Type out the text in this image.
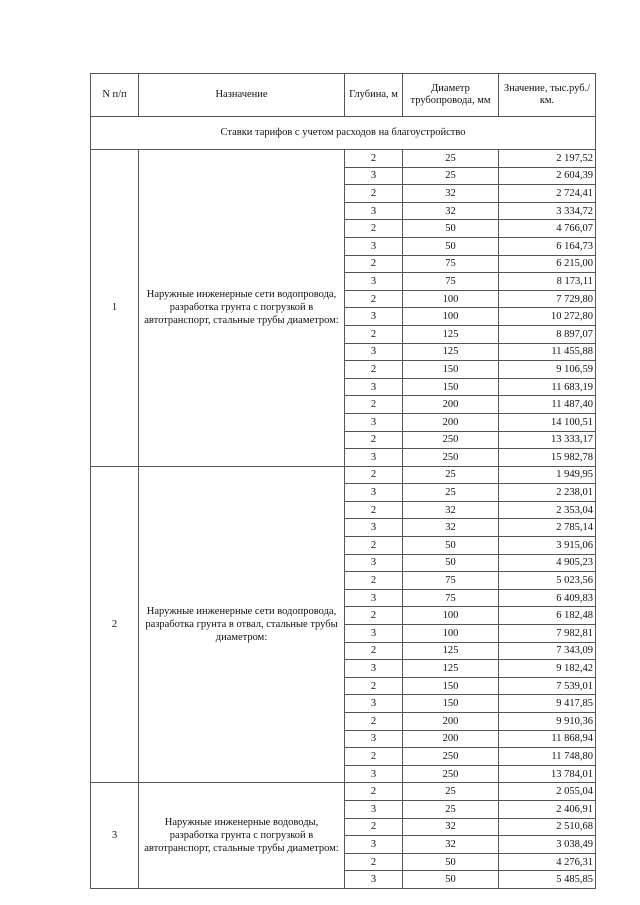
N п/п	Назначение	Глубина, м	Диаметр трубопровода, мм	Значение, тыс.руб./км.
Ставки тарифов с учетом расходов на благоустройство				
1	Наружные инженерные сети водопровода, разработка грунта с погрузкой в автотранспорт, стальные трубы диаметром:	2	25	2 197,52
		3	25	2 604,39
		2	32	2 724,41
		3	32	3 334,72
		2	50	4 766,07
		3	50	6 164,73
		2	75	6 215,00
		3	75	8 173,11
		2	100	7 729,80
		3	100	10 272,80
		2	125	8 897,07
		3	125	11 455,88
		2	150	9 106,59
		3	150	11 683,19
		2	200	11 487,40
		3	200	14 100,51
		2	250	13 333,17
		3	250	15 982,78
2	Наружные инженерные сети водопровода, разработка грунта в отвал, стальные трубы диаметром:	2	25	1 949,95
		3	25	2 238,01
		2	32	2 353,04
		3	32	2 785,14
		2	50	3 915,06
		3	50	4 905,23
		2	75	5 023,56
		3	75	6 409,83
		2	100	6 182,48
		3	100	7 982,81
		2	125	7 343,09
		3	125	9 182,42
		2	150	7 539,01
		3	150	9 417,85
		2	200	9 910,36
		3	200	11 868,94
		2	250	11 748,80
		3	250	13 784,01
3	Наружные инженерные водоводы, разработка грунта с погрузкой в автотранспорт, стальные трубы диаметром:	2	25	2 055,04
		3	25	2 406,91
		2	32	2 510,68
		3	32	3 038,49
		2	50	4 276,31
		3	50	5 485,85
